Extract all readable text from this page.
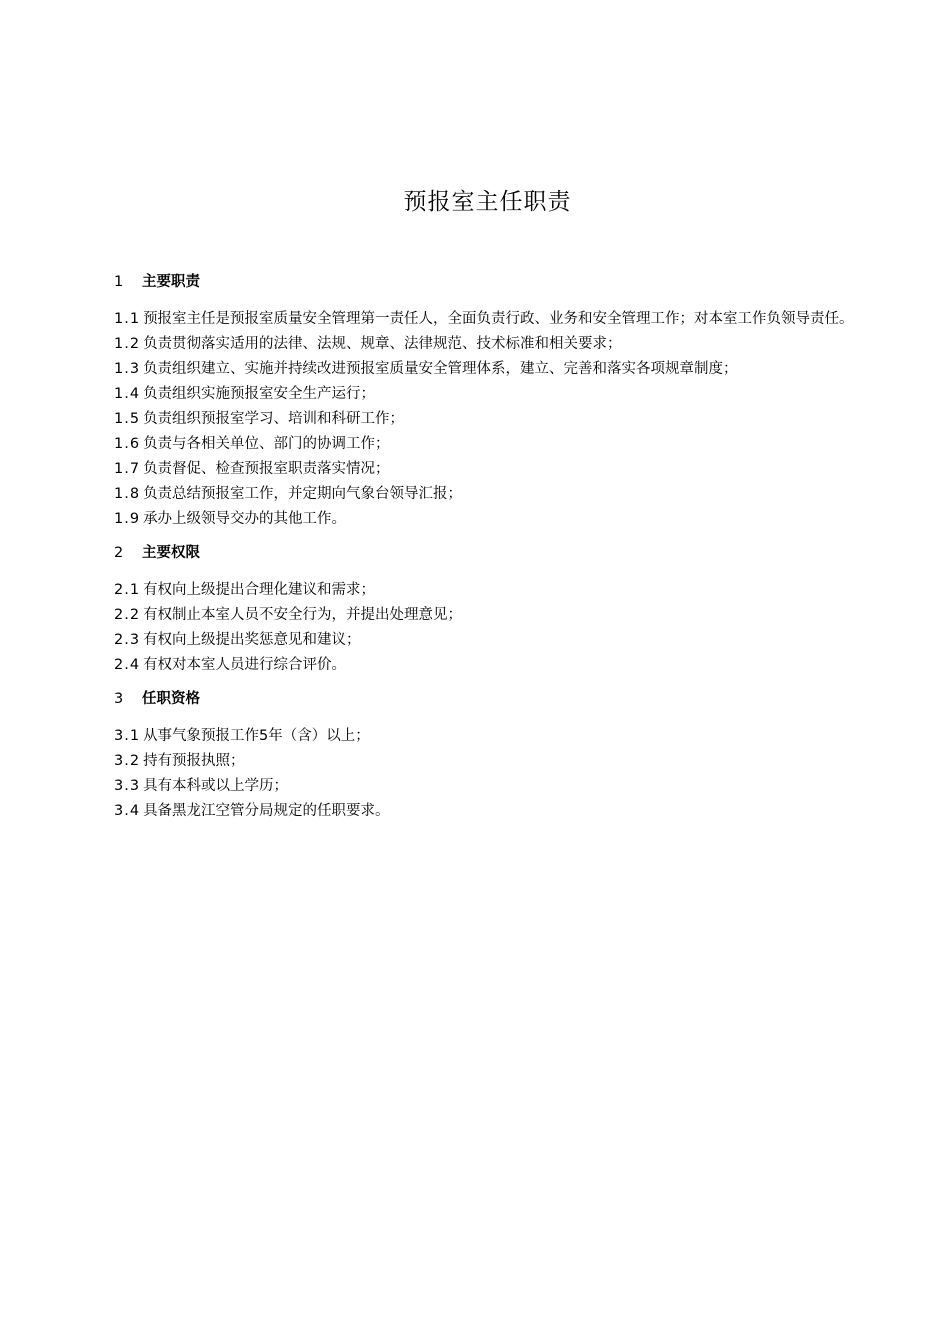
预报室主任职责
1 主要职责
1.1 预报室主任是预报室质量安全管理第一责任人，全面负责行政、业务和安全管理工作；对本室工作负领导责任。
1.2 负责贯彻落实适用的法律、法规、规章、法律规范、技术标准和相关要求；
1.3 负责组织建立、实施并持续改进预报室质量安全管理体系，建立、完善和落实各项规章制度；
1.4 负责组织实施预报室安全生产运行；
1.5 负责组织预报室学习、培训和科研工作；
1.6 负责与各相关单位、部门的协调工作；
1.7 负责督促、检查预报室职责落实情况；
1.8 负责总结预报室工作，并定期向气象台领导汇报；
1.9 承办上级领导交办的其他工作。
2 主要权限
2.1 有权向上级提出合理化建议和需求；
2.2 有权制止本室人员不安全行为，并提出处理意见；
2.3 有权向上级提出奖惩意见和建议；
2.4 有权对本室人员进行综合评价。
3 任职资格
3.1 从事气象预报工作5年（含）以上；
3.2 持有预报执照；
3.3 具有本科或以上学历；
3.4 具备黑龙江空管分局规定的任职要求。
